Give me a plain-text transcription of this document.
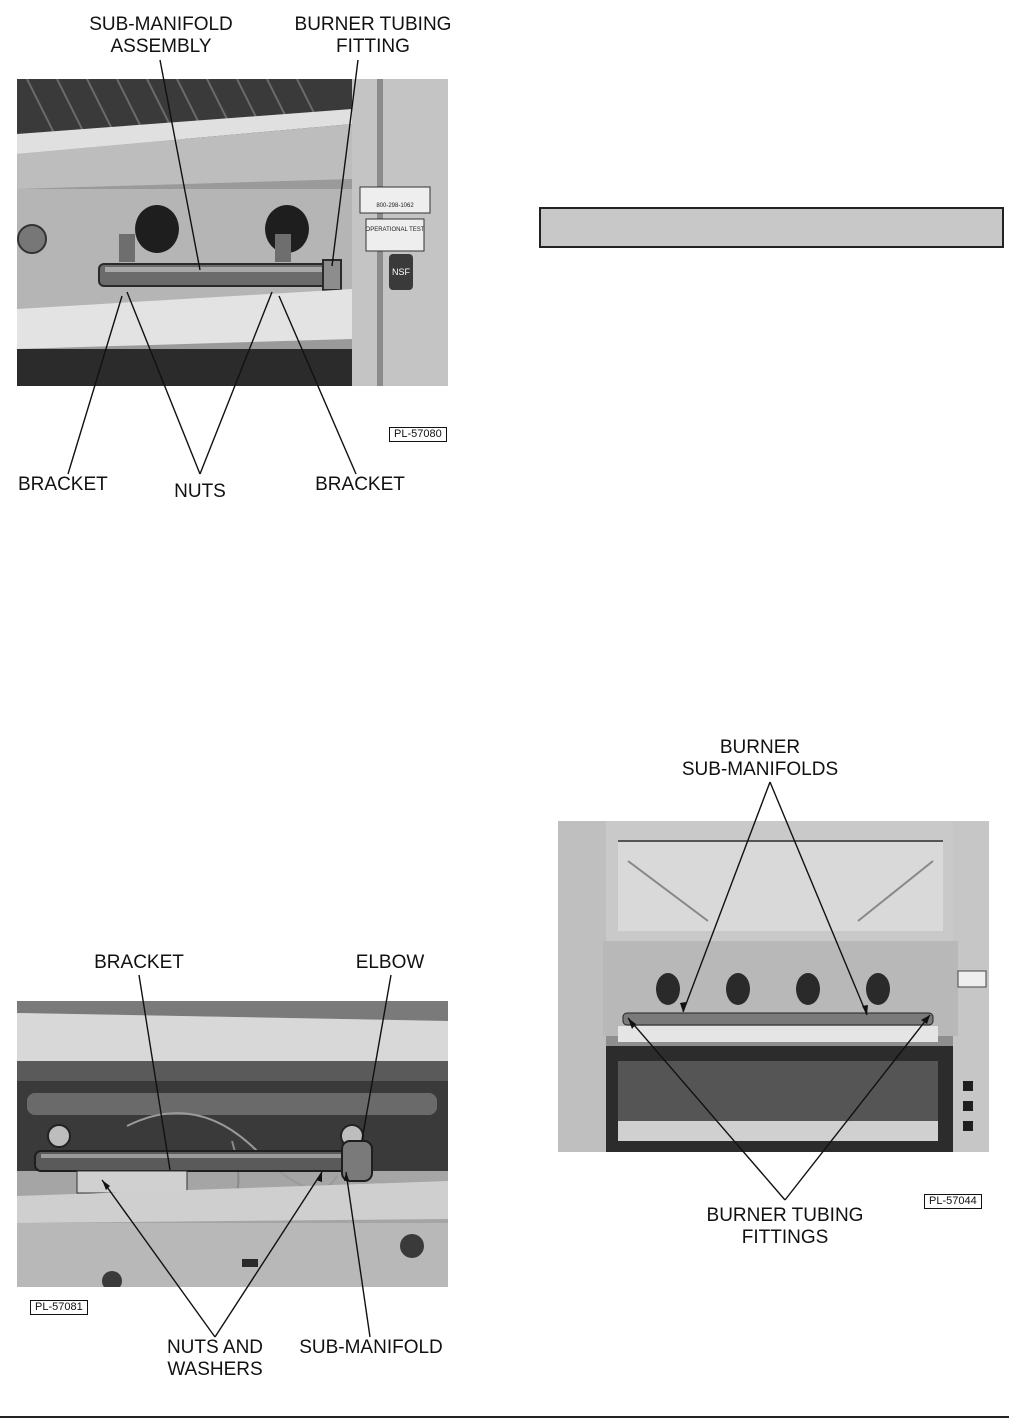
SUB-MANIFOLD
ASSEMBLY
BURNER TUBING
FITTING
NSF
800-298-1062
OPERATIONAL TEST
PL-57080
BRACKET	NUTS	BRACKET
BRACKET	ELBOW
PL-57081
NUTS AND
WASHERS
SUB-MANIFOLD
BURNER
SUB-MANIFOLDS
PL-57044
BURNER TUBING
FITTINGS
